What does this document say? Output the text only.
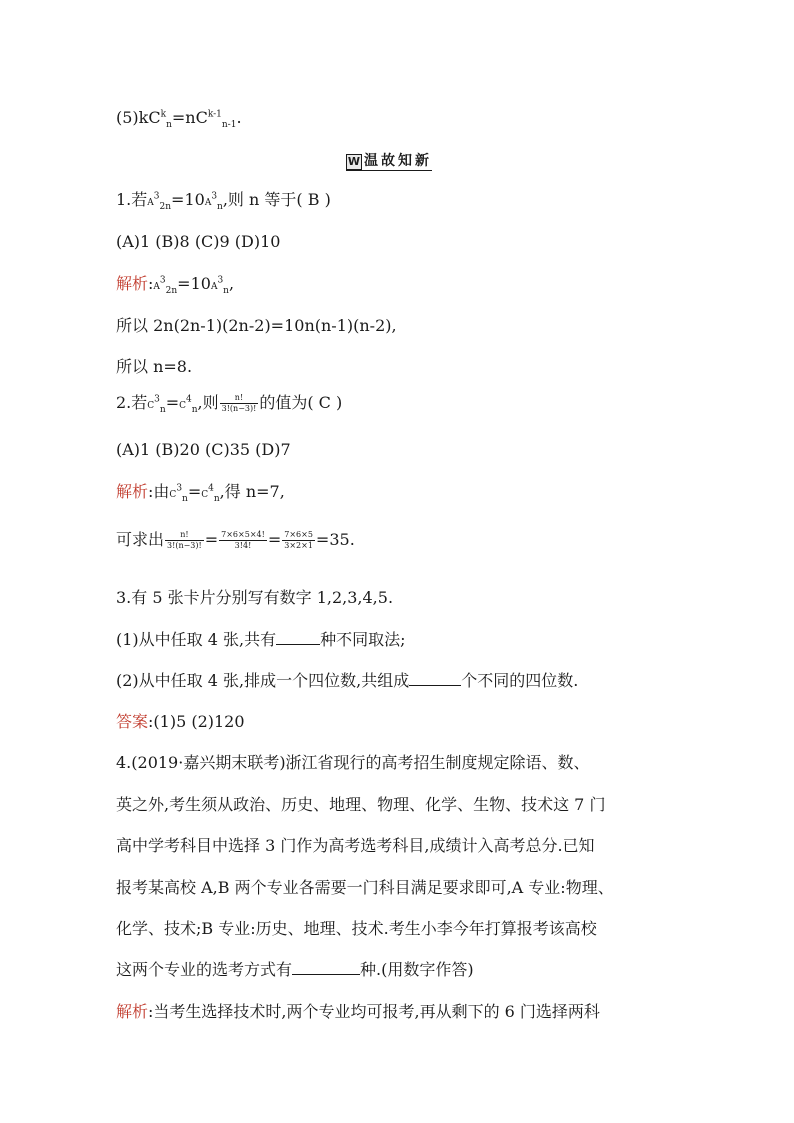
$(5)kC^k_n=nC^{k-1}_{n-1}$.
W 温故知新
1.若$A^3_{2n}=10A^3_n$,则 n 等于( B )
(A)1 (B)8 (C)9 (D)10
解析$:A^3_{2n}=10A^3_n$,
所以 2n(2n-1)(2n-2)=10n(n-1)(n-2),
所以 n=8.
2.若$C^3_n=C^4_n$,则 $\frac{n!}{3!(n-3)!}$ 的值为( C )
(A)1 (B)20 (C)35 (D)7
解析:由$C^3_n=C^4_n$,得 n=7,
可求出 $\frac{n!}{3!(n-3)!} = \frac{7\times 6\times 5\times 4!}{3!4!} = \frac{7\times 6\times 5}{3\times 2\times 1} =35$.
3.有 5 张卡片分别写有数字 1,2,3,4,5.
(1)从中任取 4 张,共有	种不同取法;
(2)从中任取 4 张,排成一个四位数,共组成	个不同的四位数.
答案:(1)5 (2)120
4.(2019·嘉兴期末联考)浙江省现行的高考招生制度规定除语、数、
英之外,考生须从政治、历史、地理、物理、化学、生物、技术这 7 门
高中学考科目中选择 3 门作为高考选考科目,成绩计入高考总分.已知
报考某高校 A,B 两个专业各需要一门科目满足要求即可,A 专业:物理、
化学、技术;B 专业:历史、地理、技术.考生小李今年打算报考该高校
这两个专业的选考方式有	种.(用数字作答)
解析:当考生选择技术时,两个专业均可报考,再从剩下的 6 门选择两科
